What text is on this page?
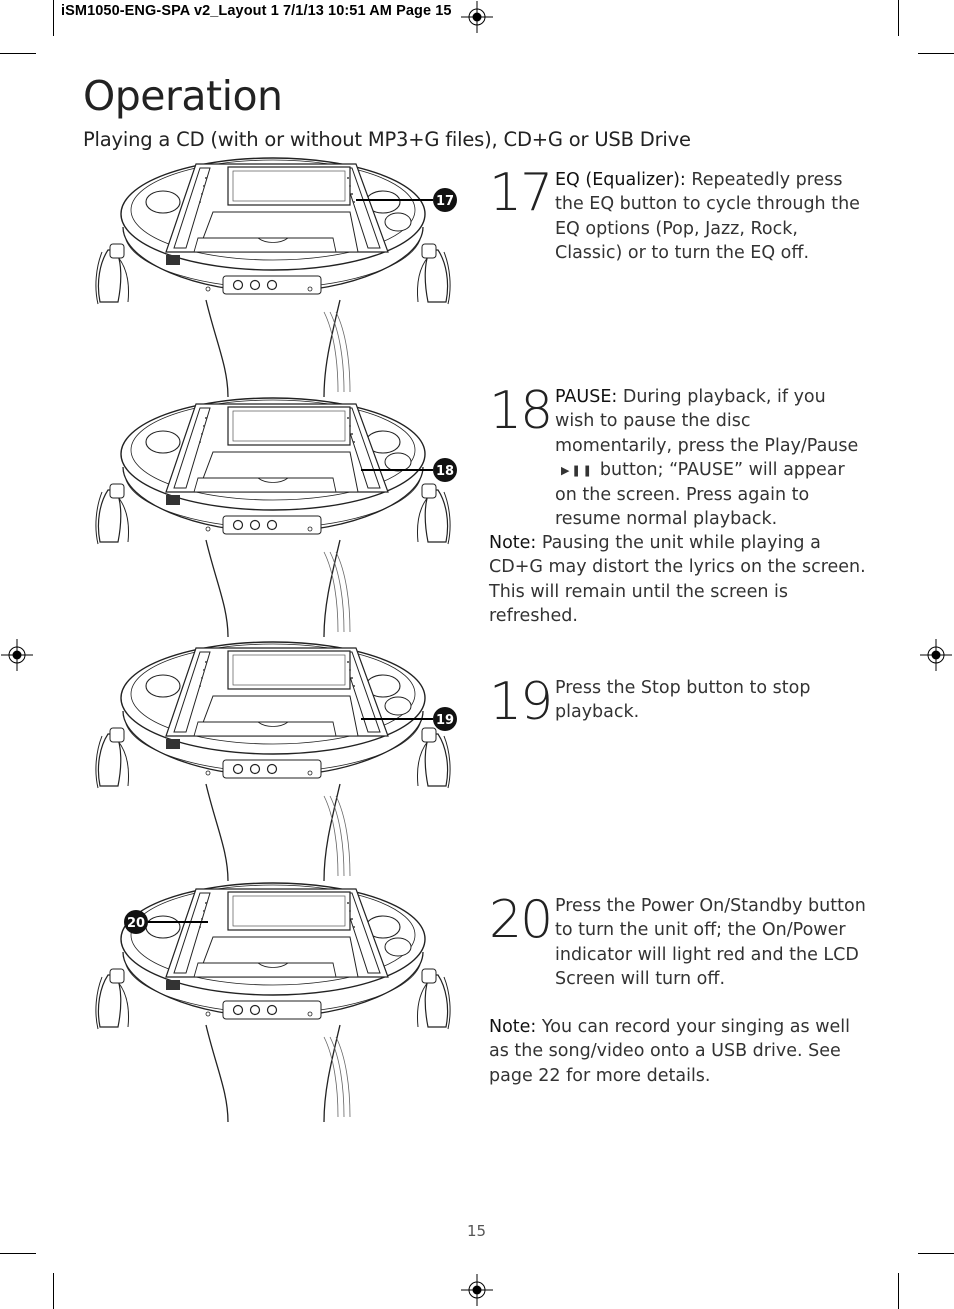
iSM1050-ENG-SPA v2_Layout 1 7/1/13 10:51 AM Page 15
Operation
Playing a CD (with or without MP3+G files), CD+G or USB Drive
17
18
19
20
17 EQ (Equalizer): Repeatedly press the EQ button to cycle through the EQ options (Pop, Jazz, Rock, Classic) or to turn the EQ off.
18 PAUSE: During playback, if you wish to pause the disc momentarily, press the Play/Pause▶❚❚ button; “PAUSE” will appear on the screen. Press again to resume normal playback.
Note: Pausing the unit while playing a CD+G may distort the lyrics on the screen. This will remain until the screen is refreshed.
19 Press the Stop button to stop playback.
20 Press the Power On/Standby button to turn the unit off; the On/Power indicator will light red and the LCD Screen will turn off.
Note: You can record your singing as well as the song/video onto a USB drive. See page 22 for more details.
15
